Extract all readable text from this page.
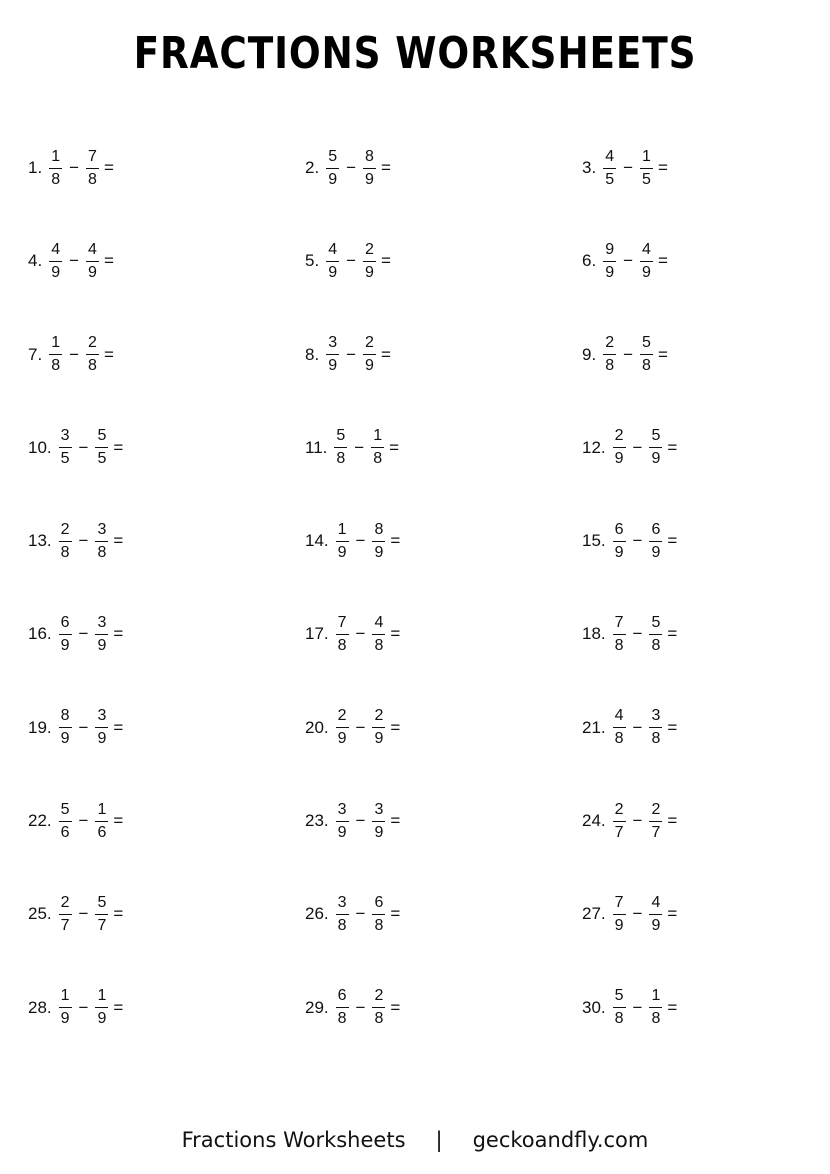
FRACTIONS WORKSHEETS
1. $\frac{1}{8} - \frac{7}{8}$ =	2. $\frac{5}{9} - \frac{8}{9}$ =	3. $\frac{4}{5} - \frac{1}{5}$ =
4. $\frac{4}{9} - \frac{4}{9}$ =	5. $\frac{4}{9} - \frac{2}{9}$ =	6. $\frac{9}{9} - \frac{4}{9}$ =
7. $\frac{1}{8} - \frac{2}{8}$ =	8. $\frac{3}{9} - \frac{2}{9}$ =	9. $\frac{2}{8} - \frac{5}{8}$ =
10. $\frac{3}{5} - \frac{5}{5}$ =	11. $\frac{5}{8} - \frac{1}{8}$ =	12. $\frac{2}{9} - \frac{5}{9}$ =
13. $\frac{2}{8} - \frac{3}{8}$ =	14. $\frac{1}{9} - \frac{8}{9}$ =	15. $\frac{6}{9} - \frac{6}{9}$ =
16. $\frac{6}{9} - \frac{3}{9}$ =	17. $\frac{7}{8} - \frac{4}{8}$ =	18. $\frac{7}{8} - \frac{5}{8}$ =
19. $\frac{8}{9} - \frac{3}{9}$ =	20. $\frac{2}{9} - \frac{2}{9}$ =	21. $\frac{4}{8} - \frac{3}{8}$ =
22. $\frac{5}{6} - \frac{1}{6}$ =	23. $\frac{3}{9} - \frac{3}{9}$ =	24. $\frac{2}{7} - \frac{2}{7}$ =
25. $\frac{2}{7} - \frac{5}{7}$ =	26. $\frac{3}{8} - \frac{6}{8}$ =	27. $\frac{7}{9} - \frac{4}{9}$ =
28. $\frac{1}{9} - \frac{1}{9}$ =	29. $\frac{6}{8} - \frac{2}{8}$ =	30. $\frac{5}{8} - \frac{1}{8}$ =
Fractions Worksheets | geckoandfly.com
